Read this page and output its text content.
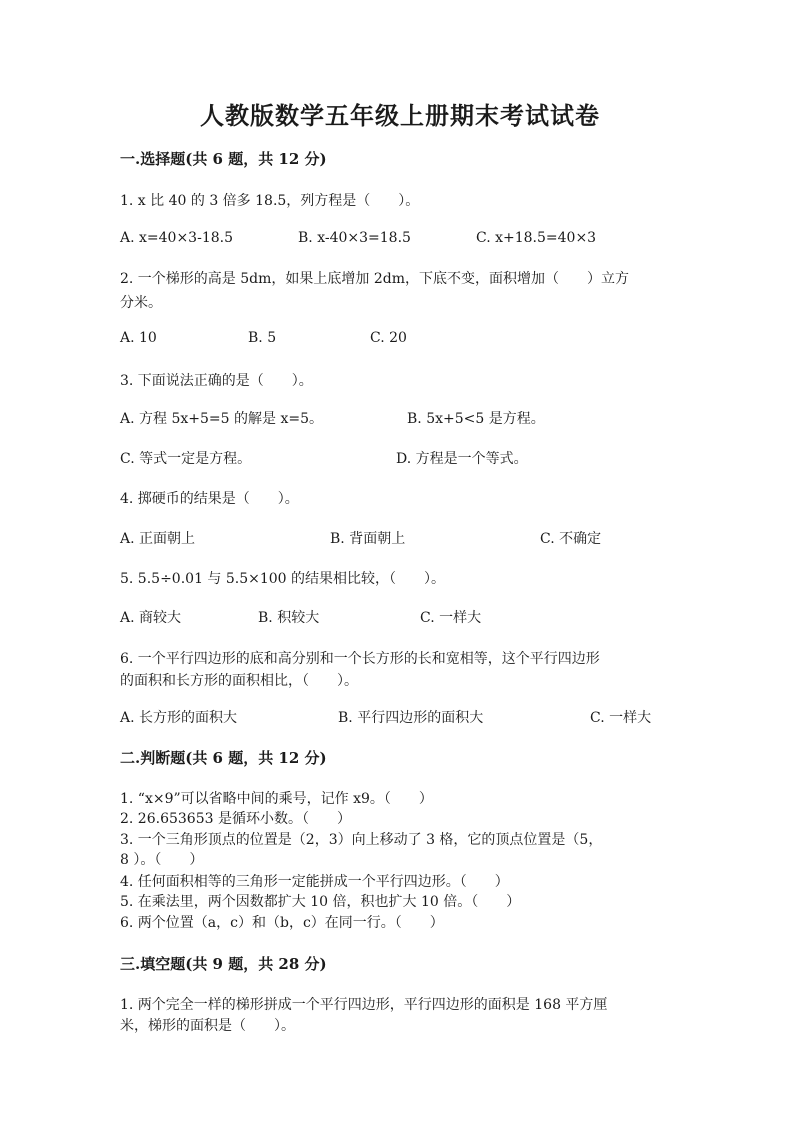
人教版数学五年级上册期末考试试卷
一.选择题(共 6 题，共 12 分)
1. x 比 40 的 3 倍多 18.5，列方程是（　　）。
A. x=40×3-18.5	B. x-40×3=18.5	C. x+18.5=40×3
2. 一个梯形的高是 5dm，如果上底增加 2dm，下底不变，面积增加（　　）立方
分米。
A. 10	B. 5	C. 20
3. 下面说法正确的是（　　）。
A. 方程 5x+5=5 的解是 x=5。	B. 5x+5<5 是方程。
C. 等式一定是方程。	D. 方程是一个等式。
4. 掷硬币的结果是（　　）。
A. 正面朝上	B. 背面朝上	C. 不确定
5. 5.5÷0.01 与 5.5×100 的结果相比较，（　　）。
A. 商较大	B. 积较大	C. 一样大
6. 一个平行四边形的底和高分别和一个长方形的长和宽相等，这个平行四边形
的面积和长方形的面积相比，（　　）。
A. 长方形的面积大	B. 平行四边形的面积大	C. 一样大
二.判断题(共 6 题，共 12 分)
1. “x×9”可以省略中间的乘号，记作 x9。（　　）
2. 26.653653 是循环小数。（　　）
3. 一个三角形顶点的位置是（2，3）向上移动了 3 格，它的顶点位置是（5，
8 ）。（　　）
4. 任何面积相等的三角形一定能拼成一个平行四边形。（　　）
5. 在乘法里，两个因数都扩大 10 倍，积也扩大 10 倍。（　　）
6. 两个位置（a，c）和（b，c）在同一行。（　　）
三.填空题(共 9 题，共 28 分)
1. 两个完全一样的梯形拼成一个平行四边形，平行四边形的面积是 168 平方厘
米，梯形的面积是（　　）。
